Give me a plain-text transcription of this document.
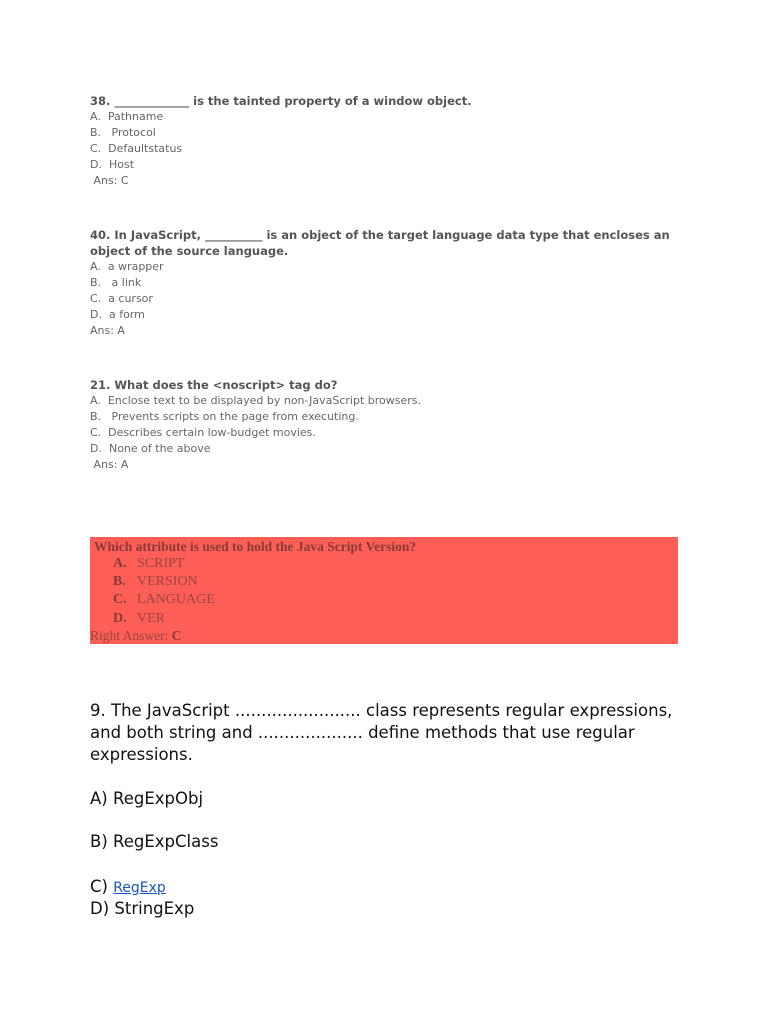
38. _____________ is the tainted property of a window object.
A.  Pathname
B.   Protocol
C.  Defaultstatus
D.  Host
Ans: C
40. In JavaScript, __________ is an object of the target language data type that encloses an object of the source language.
A.  a wrapper
B.   a link
C.  a cursor
D.  a form
Ans: A
21. What does the <noscript> tag do?
A.  Enclose text to be displayed by non-JavaScript browsers.
B.   Prevents scripts on the page from executing.
C.  Describes certain low-budget movies.
D.  None of the above
Ans: A
Which attribute is used to hold the Java Script Version?
A. SCRIPT
B. VERSION
C. LANGUAGE
D. VER
Right Answer: C
9. The JavaScript ........................ class represents regular expressions, and both string and .................... define methods that use regular expressions.
A) RegExpObj
B) RegExpClass
C) RegExp
D) StringExp
